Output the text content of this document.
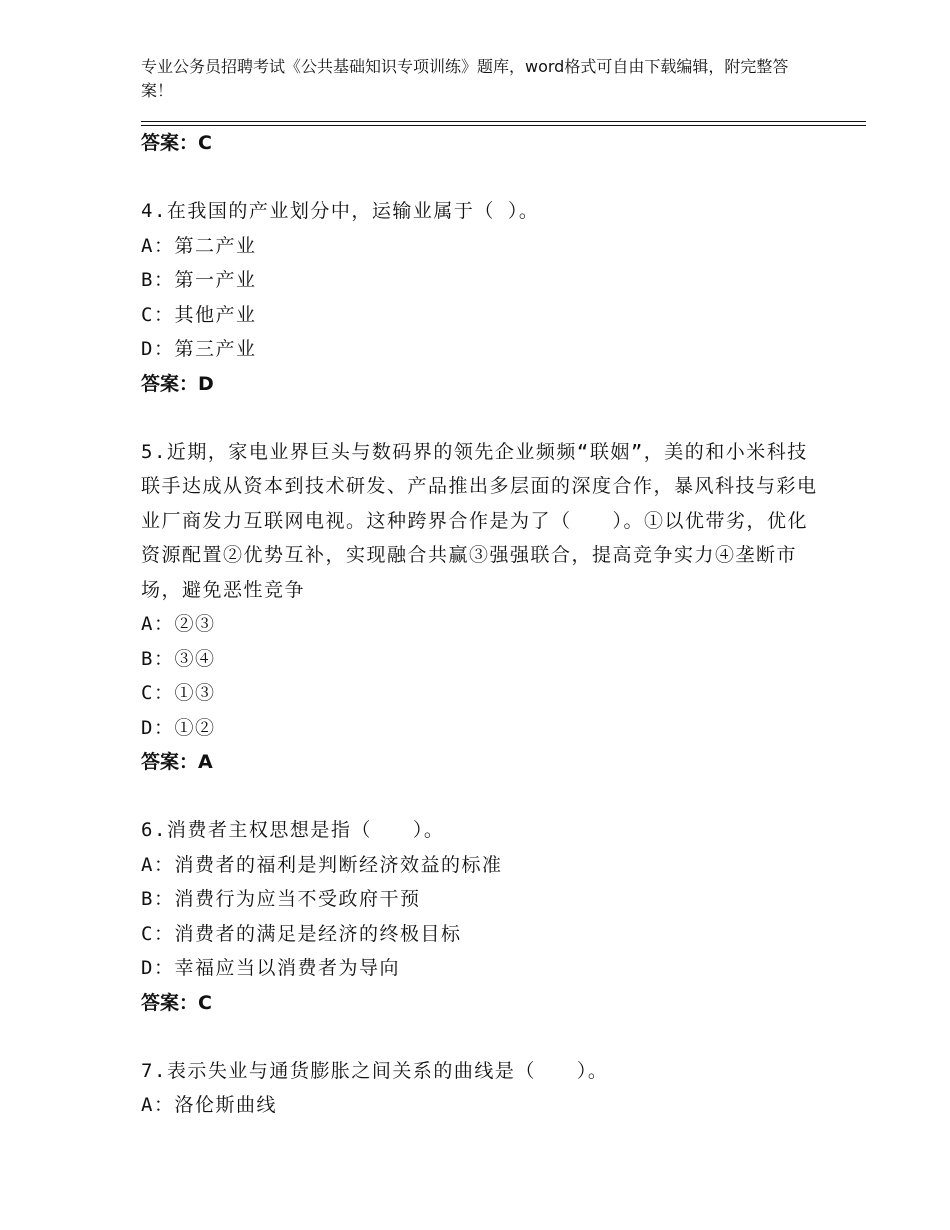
专业公务员招聘考试《公共基础知识专项训练》题库，word格式可自由下载编辑，附完整答案！
答案：C
4.在我国的产业划分中，运输业属于（ ）。
A：第二产业
B：第一产业
C：其他产业
D：第三产业
答案：D
5.近期，家电业界巨头与数码界的领先企业频频“联姻”，美的和小米科技联手达成从资本到技术研发、产品推出多层面的深度合作，暴风科技与彩电业厂商发力互联网电视。这种跨界合作是为了（　　）。①以优带劣，优化资源配置②优势互补，实现融合共赢③强强联合，提高竞争实力④垄断市场，避免恶性竞争
A：②③
B：③④
C：①③
D：①②
答案：A
6.消费者主权思想是指（　　）。
A：消费者的福利是判断经济效益的标准
B：消费行为应当不受政府干预
C：消费者的满足是经济的终极目标
D：幸福应当以消费者为导向
答案：C
7.表示失业与通货膨胀之间关系的曲线是（　　）。
A：洛伦斯曲线
